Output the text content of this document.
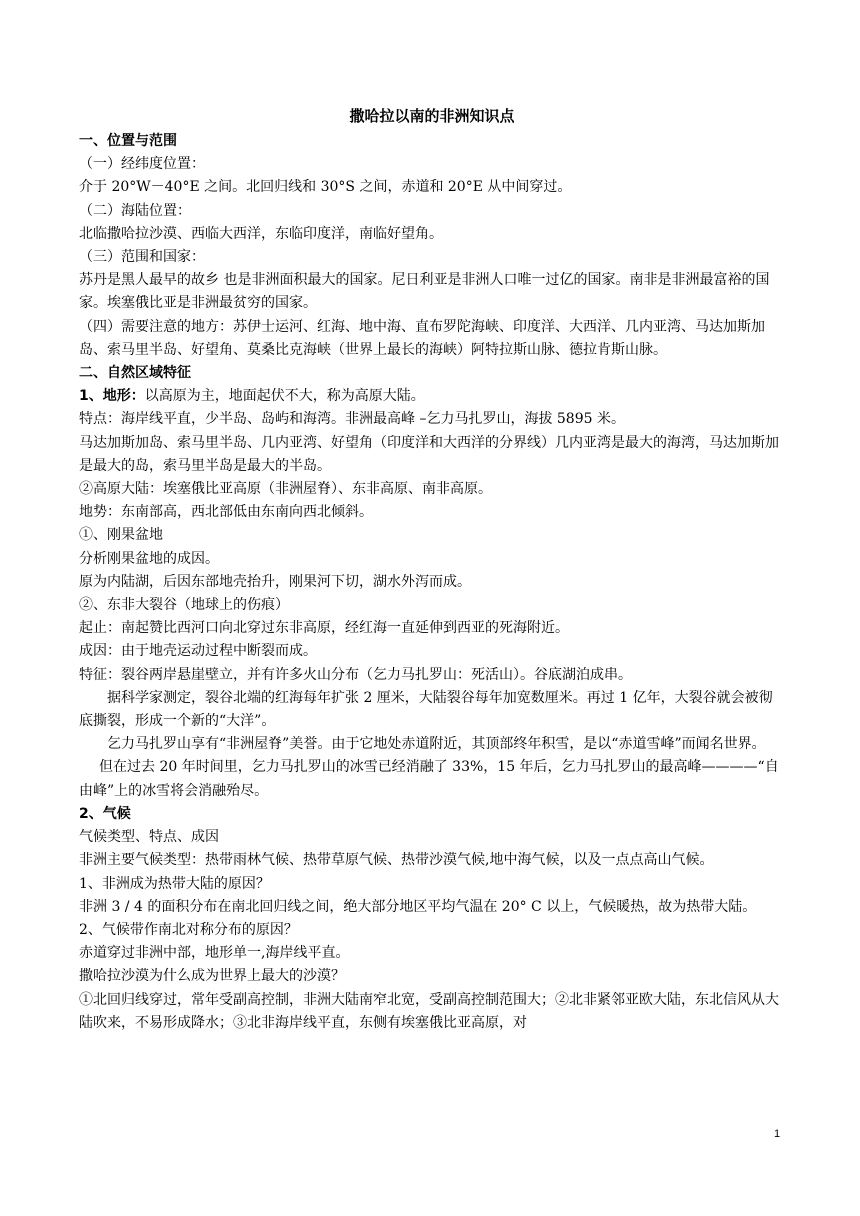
撒哈拉以南的非洲知识点
一、位置与范围
（一）经纬度位置：
介于 20°W－40°E 之间。北回归线和 30°S 之间，赤道和 20°E 从中间穿过。
（二）海陆位置：
北临撒哈拉沙漠、西临大西洋，东临印度洋，南临好望角。
（三）范围和国家：
苏丹是黑人最早的故乡 也是非洲面积最大的国家。尼日利亚是非洲人口唯一过亿的国家。南非是非洲最富裕的国家。埃塞俄比亚是非洲最贫穷的国家。
（四）需要注意的地方：苏伊士运河、红海、地中海、直布罗陀海峡、印度洋、大西洋、几内亚湾、马达加斯加岛、索马里半岛、好望角、莫桑比克海峡（世界上最长的海峡）阿特拉斯山脉、德拉肯斯山脉。
二、自然区域特征
1、地形：以高原为主，地面起伏不大，称为高原大陆。
特点：海岸线平直，少半岛、岛屿和海湾。非洲最高峰 –乞力马扎罗山，海拔 5895 米。
马达加斯加岛、索马里半岛、几内亚湾、好望角（印度洋和大西洋的分界线）几内亚湾是最大的海湾，马达加斯加是最大的岛，索马里半岛是最大的半岛。
②高原大陆：埃塞俄比亚高原（非洲屋脊）、东非高原、南非高原。
地势：东南部高，西北部低由东南向西北倾斜。
①、刚果盆地
分析刚果盆地的成因。
原为内陆湖，后因东部地壳抬升，刚果河下切，湖水外泻而成。
②、东非大裂谷（地球上的伤痕）
起止：南起赞比西河口向北穿过东非高原，经红海一直延伸到西亚的死海附近。
成因：由于地壳运动过程中断裂而成。
特征：裂谷两岸悬崖壁立，并有许多火山分布（乞力马扎罗山：死活山）。谷底湖泊成串。
据科学家测定，裂谷北端的红海每年扩张 2 厘米，大陆裂谷每年加宽数厘米。再过 1 亿年，大裂谷就会被彻底撕裂，形成一个新的“大洋”。
乞力马扎罗山享有“非洲屋脊”美誉。由于它地处赤道附近，其顶部终年积雪，是以“赤道雪峰”而闻名世界。
但在过去 20 年时间里，乞力马扎罗山的冰雪已经消融了 33%，15 年后，乞力马扎罗山的最高峰————“自由峰”上的冰雪将会消融殆尽。
2、气候
气候类型、特点、成因
非洲主要气候类型：热带雨林气候、热带草原气候、热带沙漠气候,地中海气候，以及一点点高山气候。
1、非洲成为热带大陆的原因？
非洲 3 / 4 的面积分布在南北回归线之间，绝大部分地区平均气温在 20° C 以上，气候暖热，故为热带大陆。
2、气候带作南北对称分布的原因？
赤道穿过非洲中部，地形单一,海岸线平直。
撒哈拉沙漠为什么成为世界上最大的沙漠？
①北回归线穿过，常年受副高控制，非洲大陆南窄北宽，受副高控制范围大；②北非紧邻亚欧大陆，东北信风从大陆吹来，不易形成降水；③北非海岸线平直，东侧有埃塞俄比亚高原，对
1
